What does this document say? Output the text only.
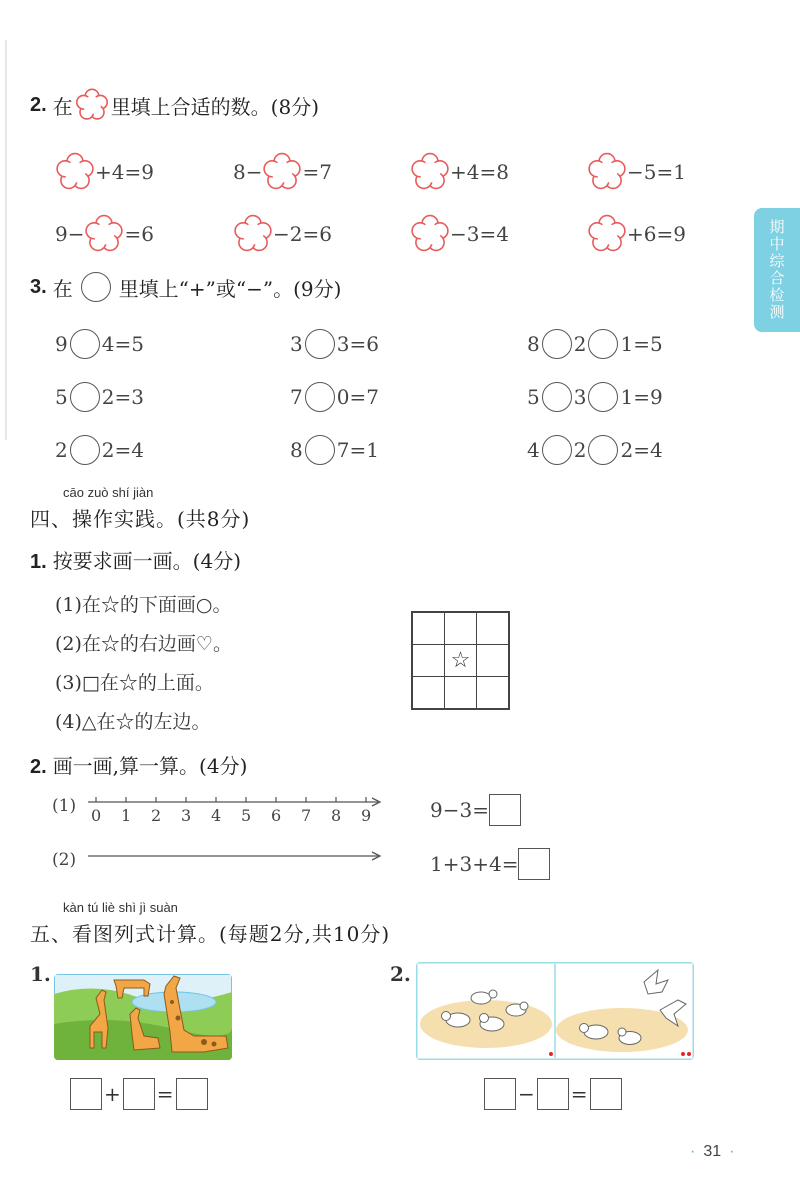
期中综合检测
2. 在 里填上合适的数。(8分)
+4=9	8− =7	+4=8	−5=1
9− =6	−2=6	−3=4	+6=9
3. 在 里填上“+”或“−”。(9分)
9 4=5	3 3=6	8 2 1=5
5 2=3	7 0=7	5 3 1=9
2 2=4	8 7=1	4 2 2=4
cāo zuò shí jiàn
四、操作实践。(共8分)
1. 按要求画一画。(4分)
(1)在☆的下面画○。
(2)在☆的右边画♡。
(3)□在☆的上面。
(4)△在☆的左边。
☆
2. 画一画,算一算。(4分)
(1) 0 1 2 3 4 5 6 7 8 9	9−3=
(2)	1+3+4=
kàn tú liè shì jì suàn
五、看图列式计算。(每题2分,共10分)
1.
+ =
2.
− =
· 31 ·
